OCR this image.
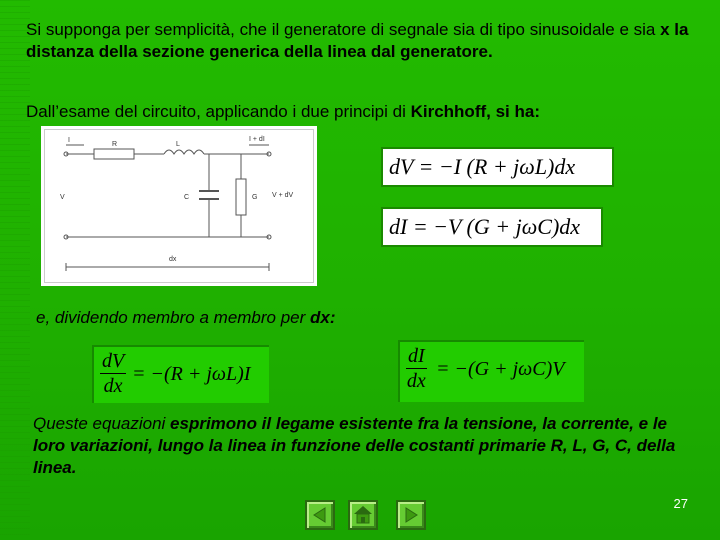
Si supponga per semplicità, che il generatore di segnale sia di tipo sinusoidale e sia x la distanza della sezione generica della linea dal generatore.
Dall’esame del circuito, applicando i due principi di Kirchhoff, si ha:
I
R	L
I + dI
V	C	G V + dV
dx
dV = −I (R + jωL)dx
dI = −V (G + jωC)dx
e, dividendo membro a membro per dx:
$\frac{dV}{dx} = -(R + j\omega L)I$	$\frac{dI}{dx} = -(G + j\omega C)V$
Queste equazioni esprimono il legame esistente fra la tensione, la corrente, e le loro variazioni, lungo la linea in funzione delle costanti primarie R, L, G, C, della linea.
27
